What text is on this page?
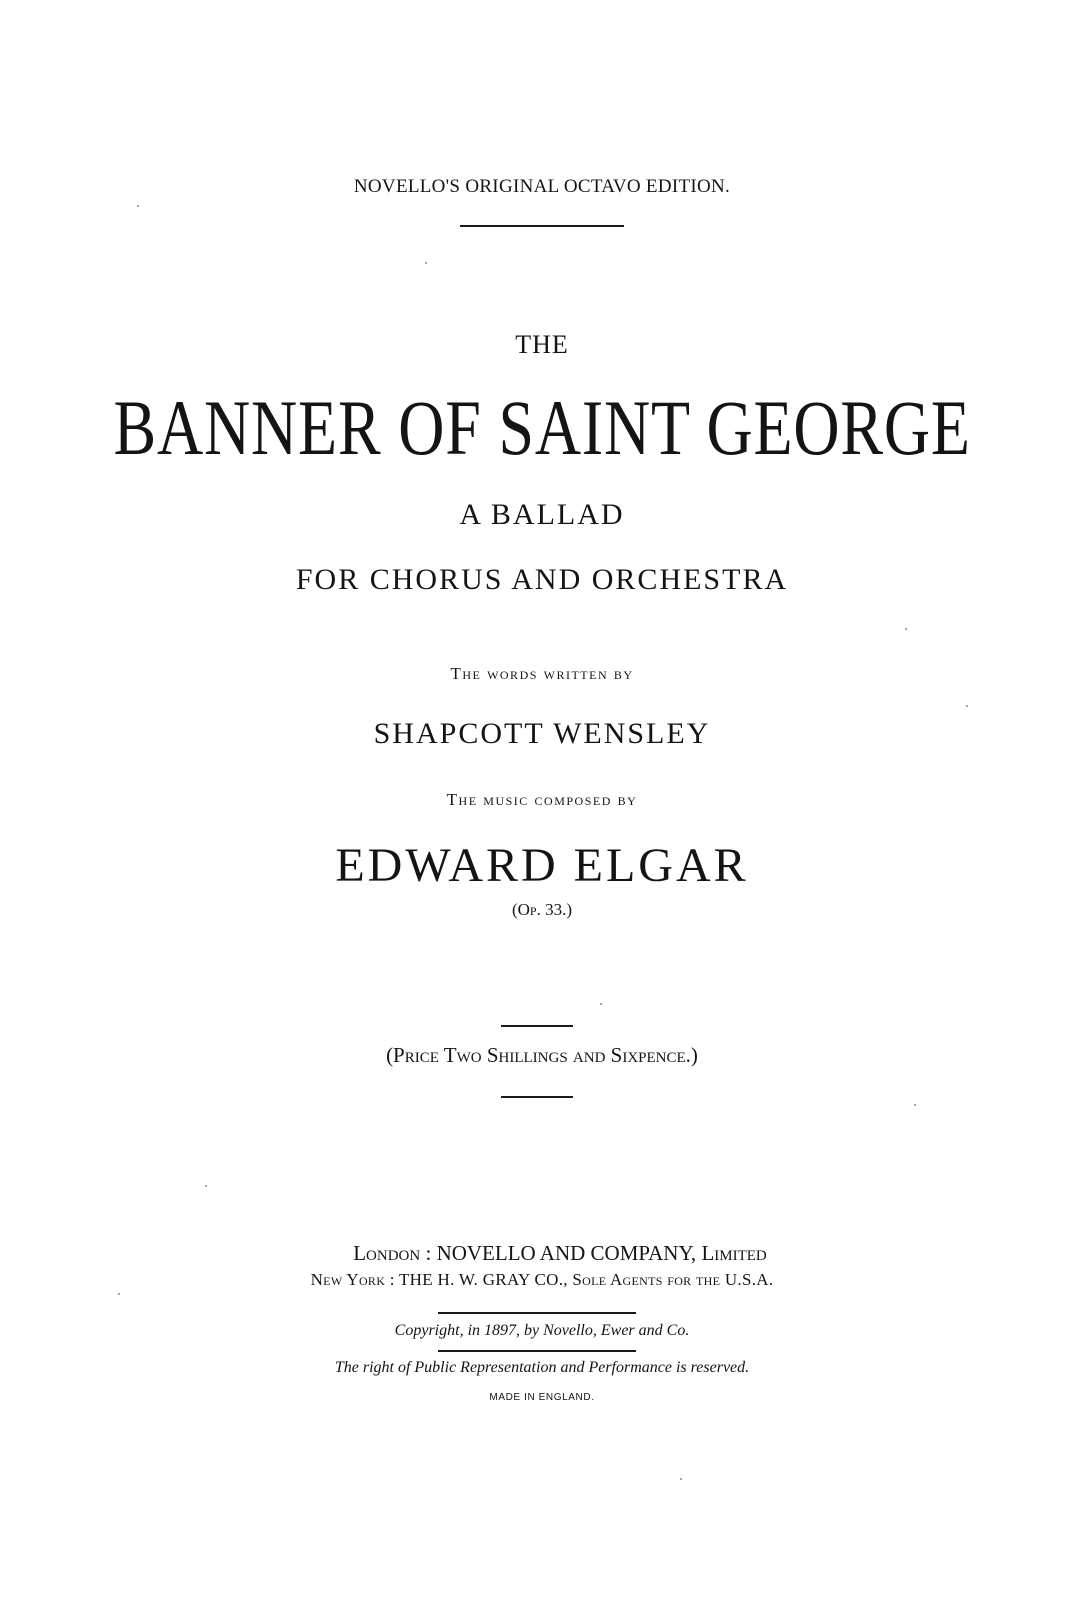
NOVELLO'S ORIGINAL OCTAVO EDITION.
THE
BANNER OF SAINT GEORGE
A BALLAD
FOR CHORUS AND ORCHESTRA
The words written by
SHAPCOTT WENSLEY
The music composed by
EDWARD ELGAR
(Op. 33.)
(Price Two Shillings and Sixpence.)
London : NOVELLO AND COMPANY, Limited
New York : THE H. W. GRAY CO., Sole Agents for the U.S.A.
Copyright, in 1897, by Novello, Ewer and Co.
The right of Public Representation and Performance is reserved.
MADE IN ENGLAND.
